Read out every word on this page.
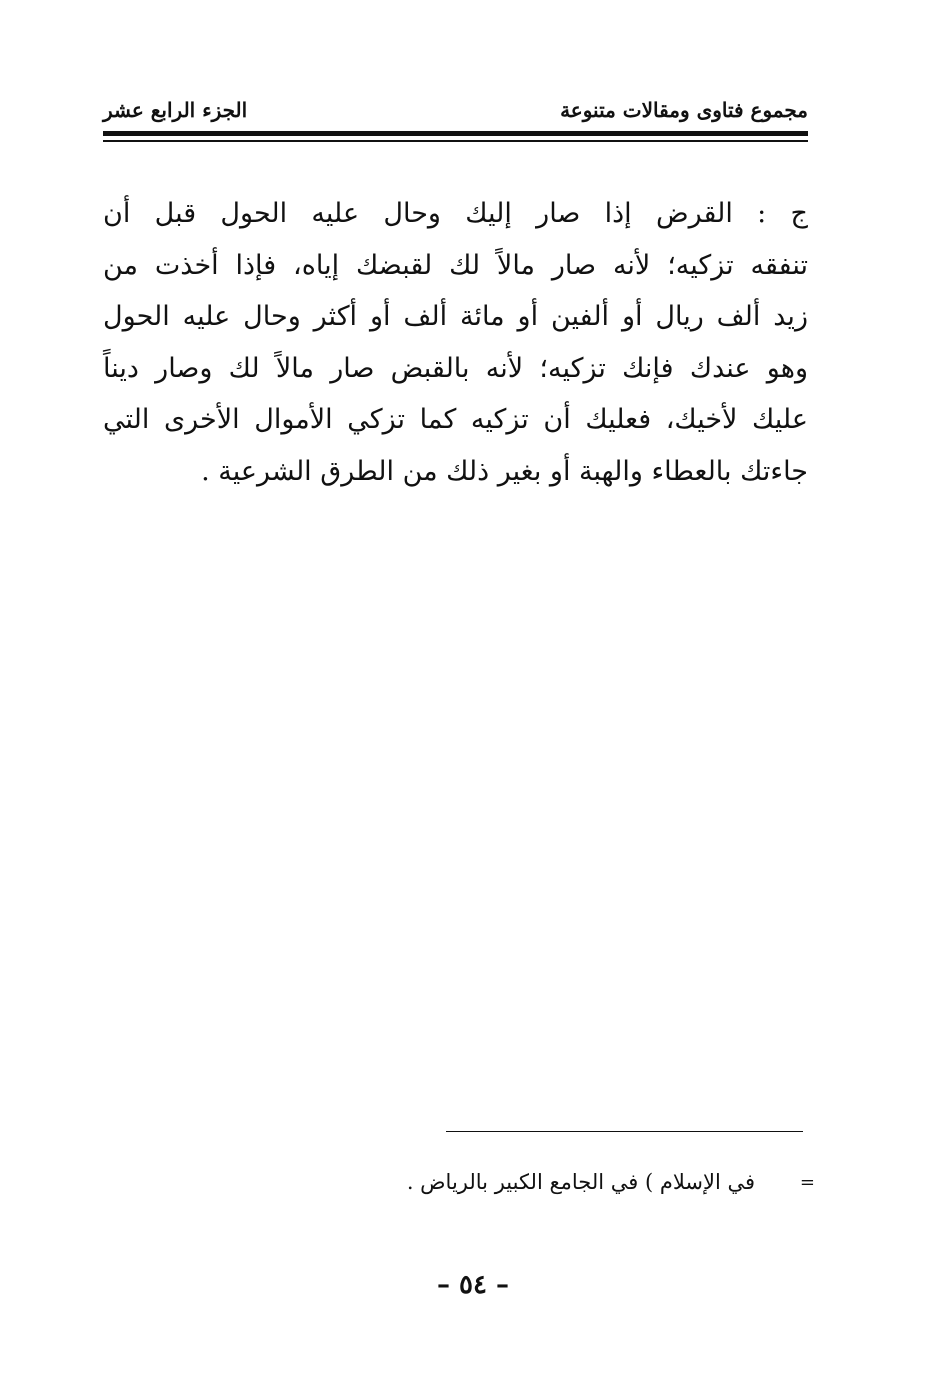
مجموع فتاوى ومقالات متنوعة
الجزء الرابع عشر
ج : القرض إذا صار إليك وحال عليه الحول قبل أن
تنفقه تزكيه؛ لأنه صار مالاً لك لقبضك إياه، فإذا أخذت من
زيد ألف ريال أو ألفين أو مائة ألف أو أكثر وحال عليه الحول
وهو عندك فإنك تزكيه؛ لأنه بالقبض صار مالاً لك وصار ديناً
عليك لأخيك، فعليك أن تزكيه كما تزكي الأموال الأخرى التي
جاءتك بالعطاء والهبة أو بغير ذلك من الطرق الشرعية .
=
في الإسلام ) في الجامع الكبير بالرياض .
– ٥٤ –
